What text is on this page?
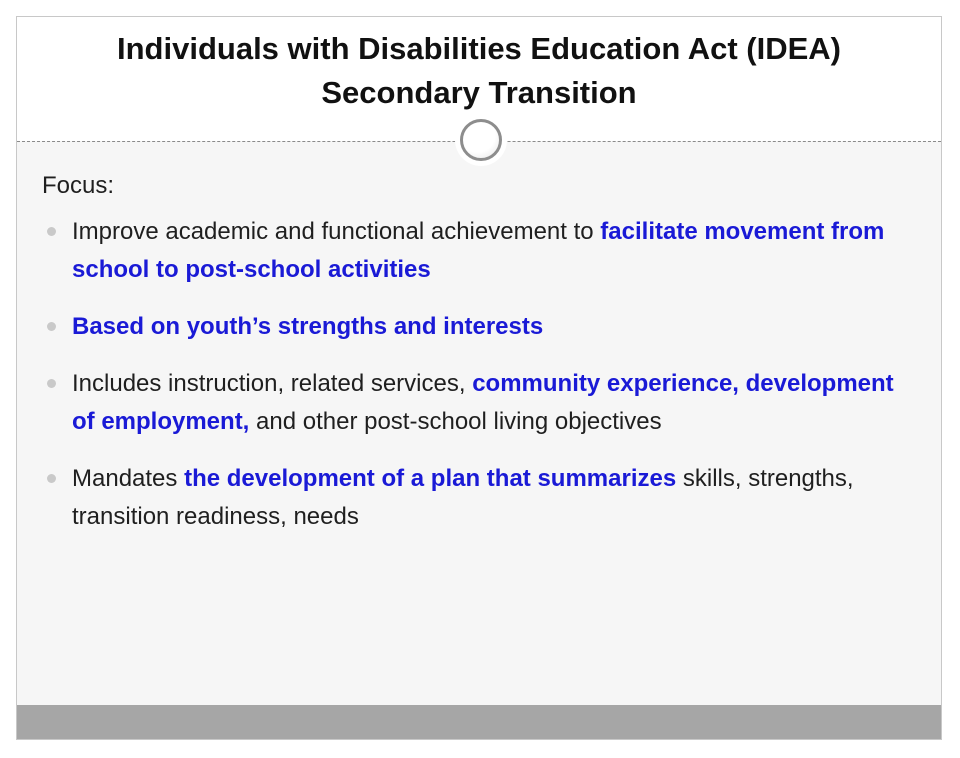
Individuals with Disabilities Education Act (IDEA)
Secondary Transition
Focus:
Improve academic and functional achievement to facilitate movement from school to post-school activities
Based on youth’s strengths and interests
Includes instruction, related services, community experience, development of employment, and other post-school living objectives
Mandates the development of a plan that summarizes skills, strengths, transition readiness, needs
